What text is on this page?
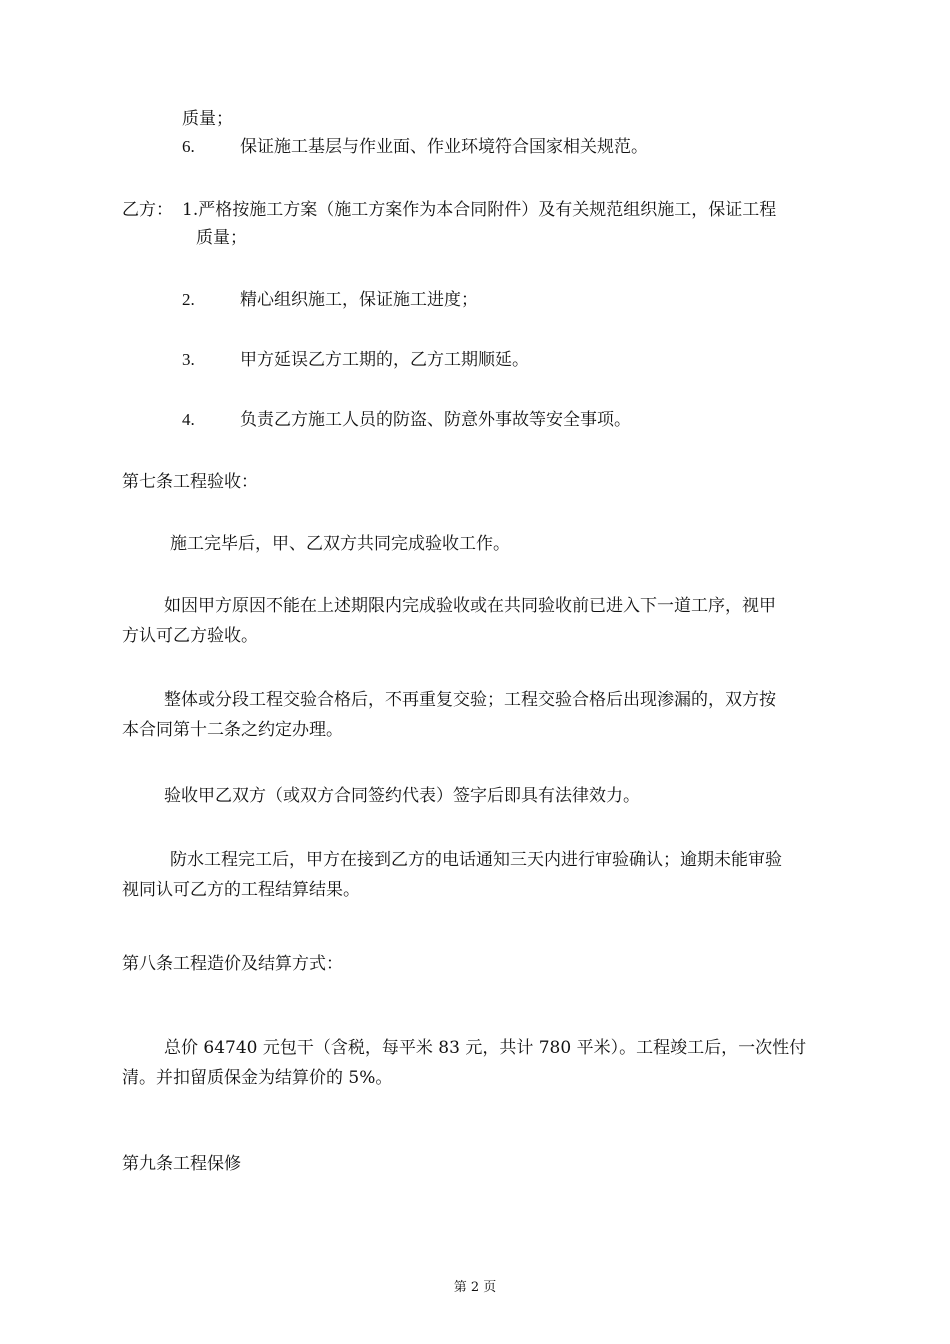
质量；
6.	保证施工基层与作业面、作业环境符合国家相关规范。
乙方： 1.严格按施工方案（施工方案作为本合同附件）及有关规范组织施工，保证工程
质量；
2.	精心组织施工，保证施工进度；
3.	甲方延误乙方工期的，乙方工期顺延。
4.	负责乙方施工人员的防盗、防意外事故等安全事项。
第七条工程验收：
施工完毕后，甲、乙双方共同完成验收工作。
如因甲方原因不能在上述期限内完成验收或在共同验收前已进入下一道工序，视甲
方认可乙方验收。
整体或分段工程交验合格后，不再重复交验；工程交验合格后出现渗漏的，双方按
本合同第十二条之约定办理。
验收甲乙双方（或双方合同签约代表）签字后即具有法律效力。
防水工程完工后，甲方在接到乙方的电话通知三天内进行审验确认；逾期未能审验
视同认可乙方的工程结算结果。
第八条工程造价及结算方式：
总价 64740 元包干（含税，每平米 83 元，共计 780 平米）。工程竣工后，一次性付
清。并扣留质保金为结算价的 5%。
第九条工程保修
第 2 页
